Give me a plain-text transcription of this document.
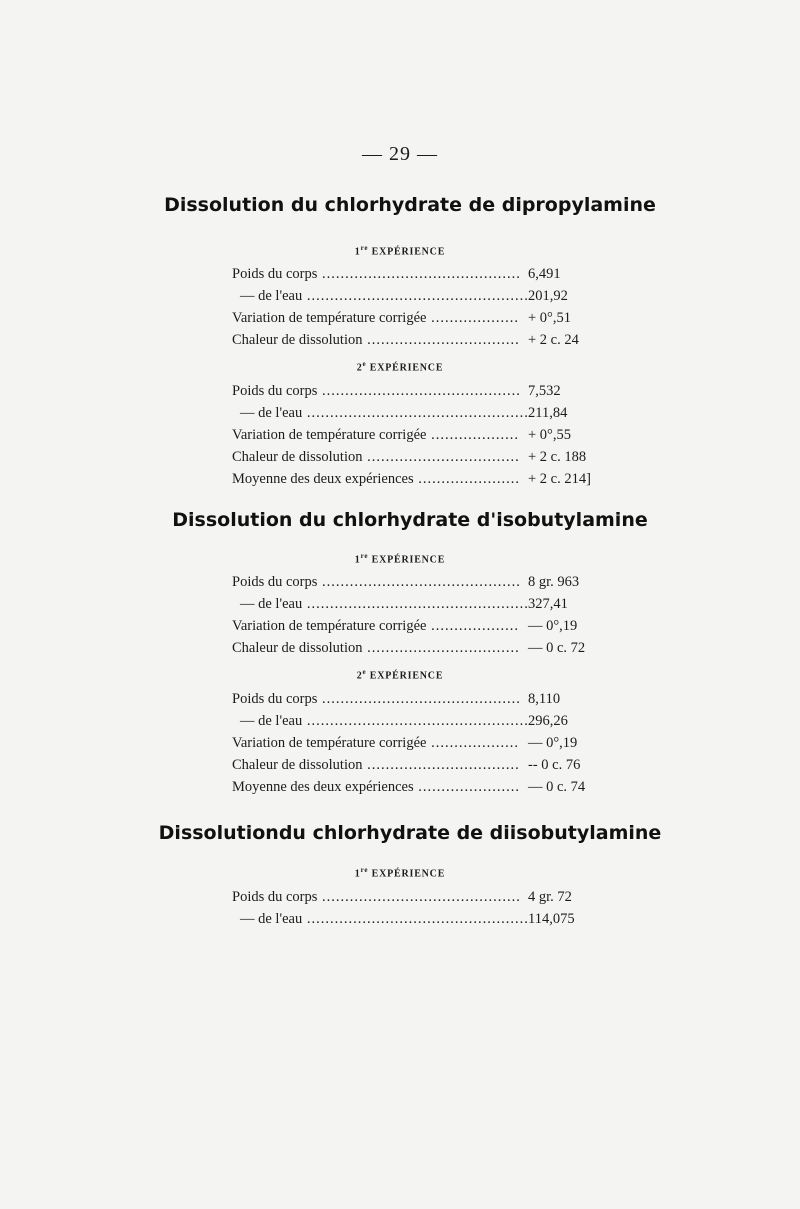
— 29 —
Dissolution du chlorhydrate de dipropylamine
1re EXPÉRIENCE
Poids du corps .....	6,491
— de l'eau .....	201,92
Variation de température corrigée .....	+ 0°,51
Chaleur de dissolution .....	+ 2 c. 24
2e EXPÉRIENCE
Poids du corps .....	7,532
— de l'eau .....	211,84
Variation de température corrigée .....	+ 0°,55
Chaleur de dissolution .....	+ 2 c. 188
Moyenne des deux expériences .....	+ 2 c. 214]
Dissolution du chlorhydrate d'isobutylamine
1re EXPÉRIENCE
Poids du corps .....	8 gr. 963
— de l'eau .....	327,41
Variation de température corrigée .....	— 0°,19
Chaleur de dissolution .....	— 0 c. 72
2e EXPÉRIENCE
Poids du corps .....	8,110
— de l'eau .....	296,26
Variation de température corrigée .....	— 0°,19
Chaleur de dissolution .....	-- 0 c. 76
Moyenne des deux expériences .....	— 0 c. 74
Dissolutiondu chlorhydrate de diisobutylamine
1re EXPÉRIENCE
Poids du corps .....	4 gr. 72
— de l'eau .....	114,075
